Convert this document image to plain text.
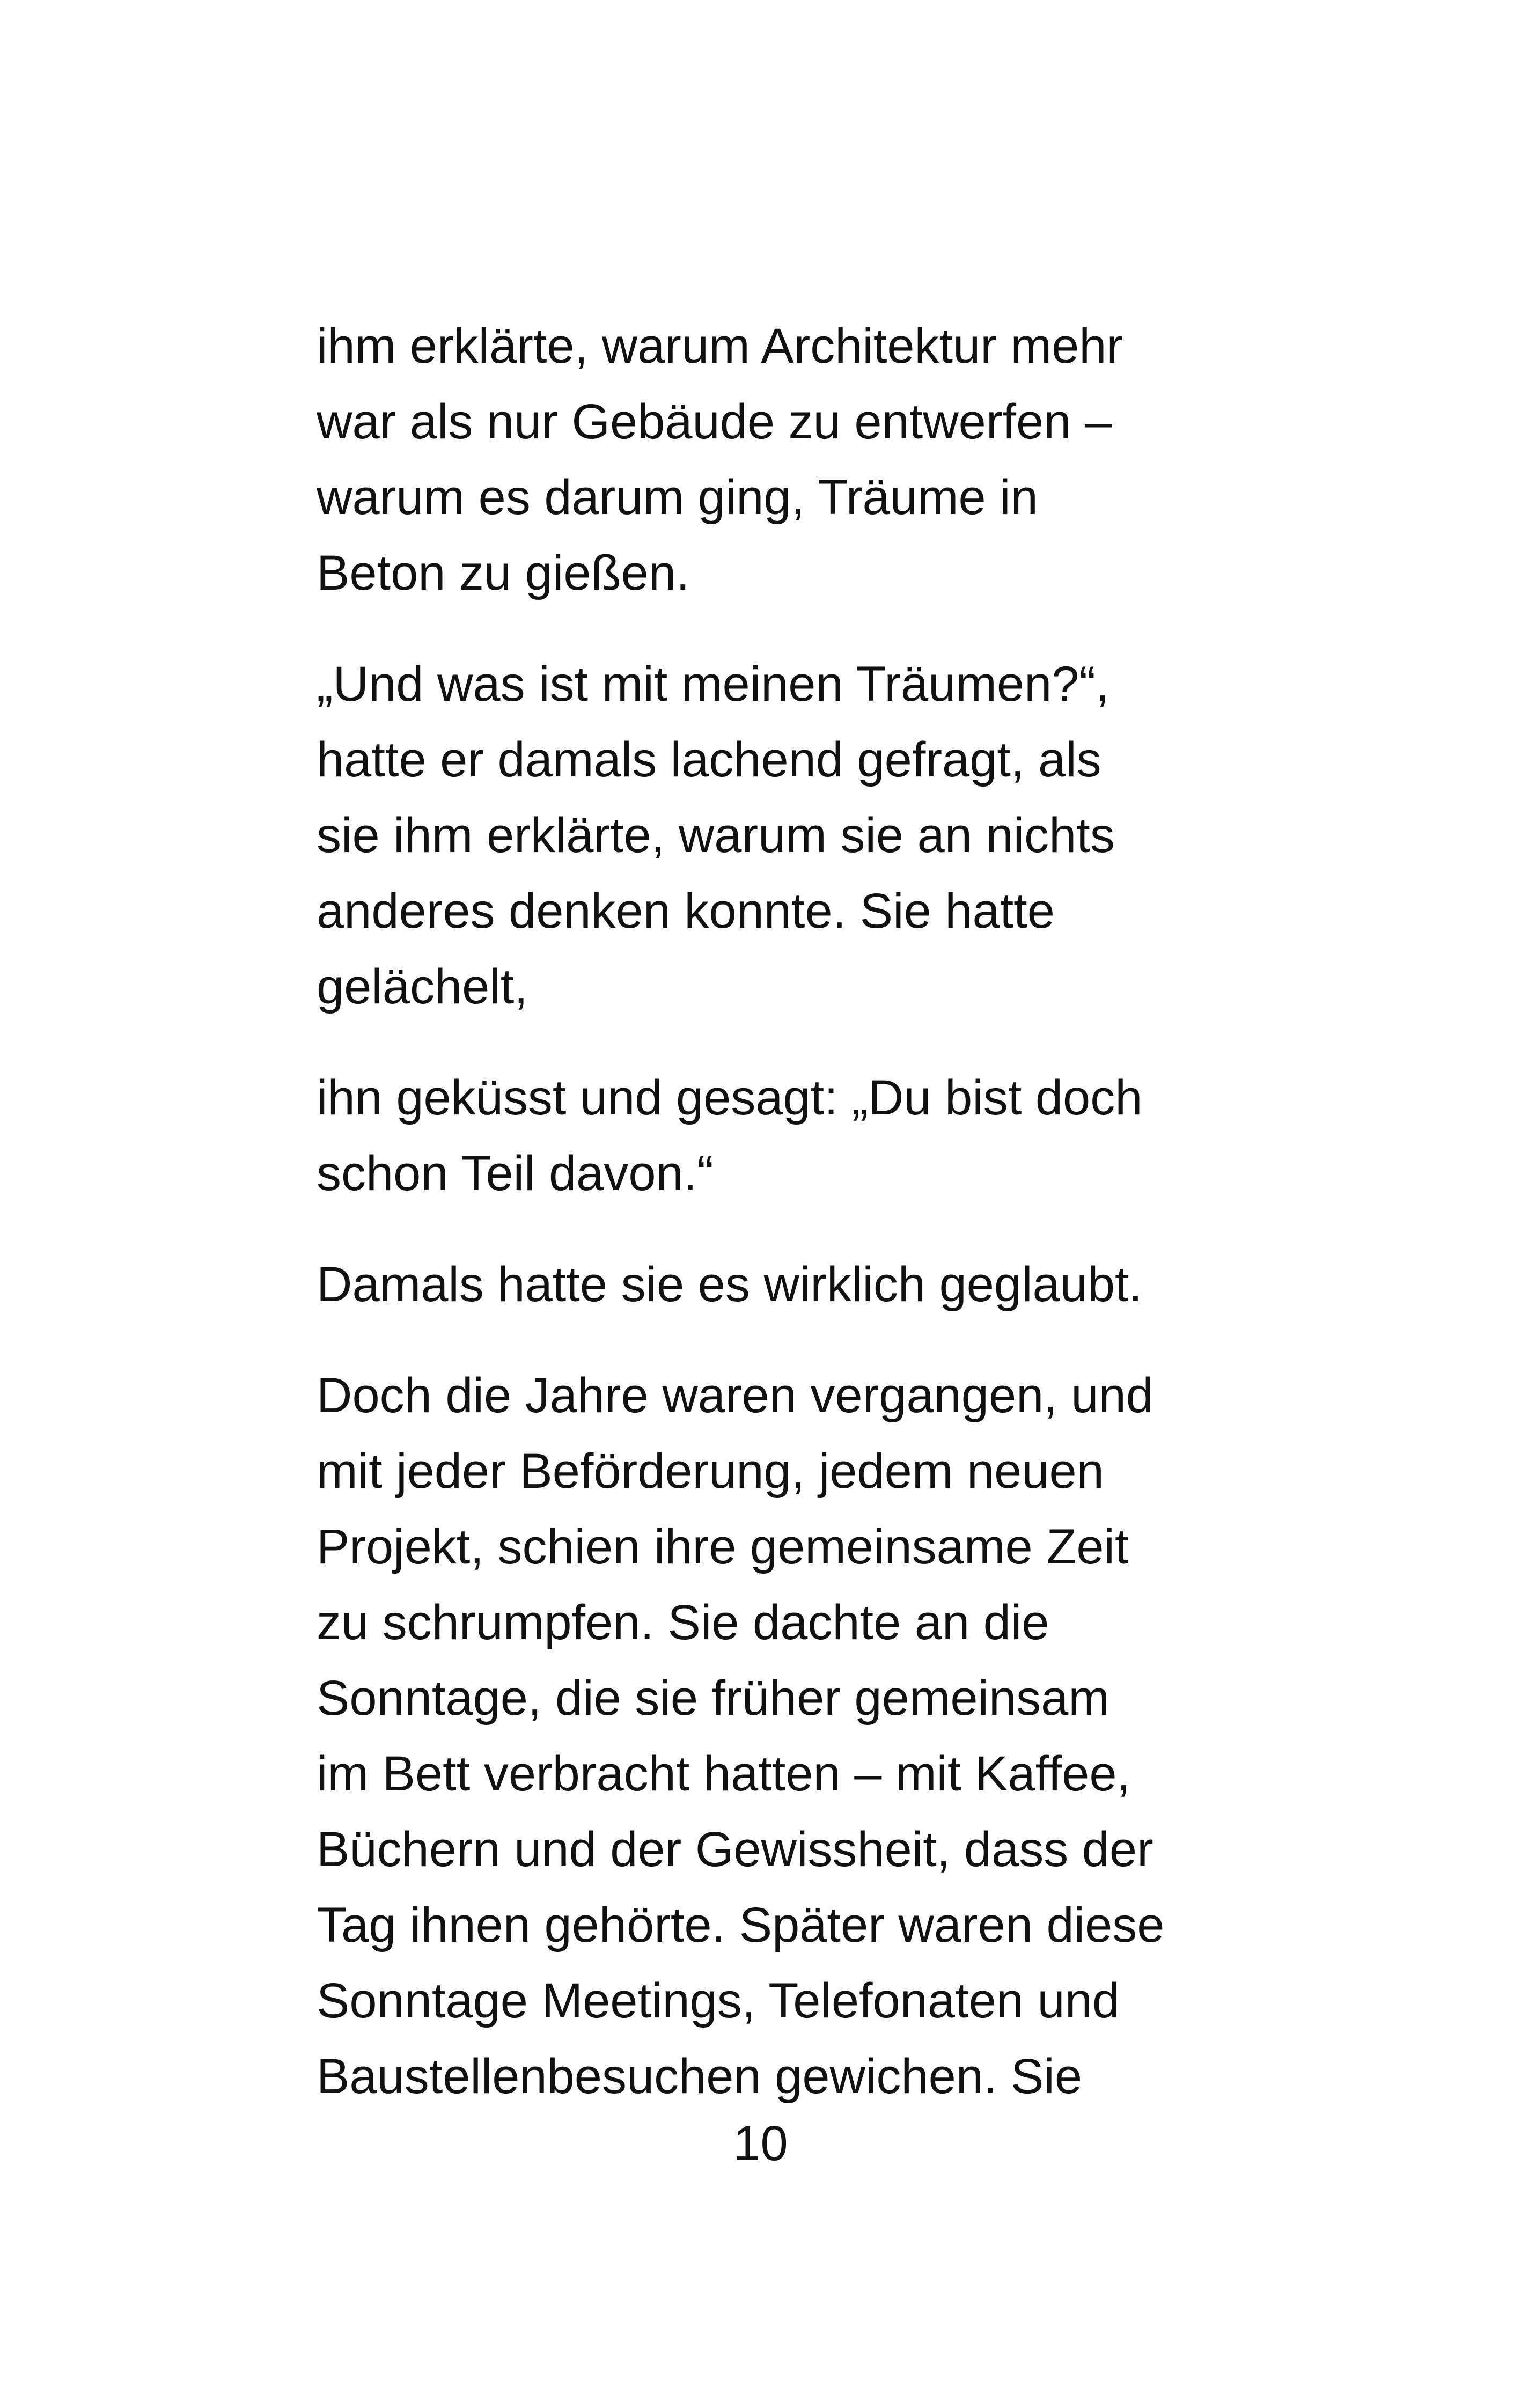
ihm erklärte, warum Architektur mehr
war als nur Gebäude zu entwerfen –
warum es darum ging, Träume in
Beton zu gießen.
„Und was ist mit meinen Träumen?“,
hatte er damals lachend gefragt, als
sie ihm erklärte, warum sie an nichts
anderes denken konnte. Sie hatte
gelächelt,
ihn geküsst und gesagt: „Du bist doch
schon Teil davon.“
Damals hatte sie es wirklich geglaubt.
Doch die Jahre waren vergangen, und
mit jeder Beförderung, jedem neuen
Projekt, schien ihre gemeinsame Zeit
zu schrumpfen. Sie dachte an die
Sonntage, die sie früher gemeinsam
im Bett verbracht hatten – mit Kaffee,
Büchern und der Gewissheit, dass der
Tag ihnen gehörte. Später waren diese
Sonntage Meetings, Telefonaten und
Baustellenbesuchen gewichen. Sie
10
